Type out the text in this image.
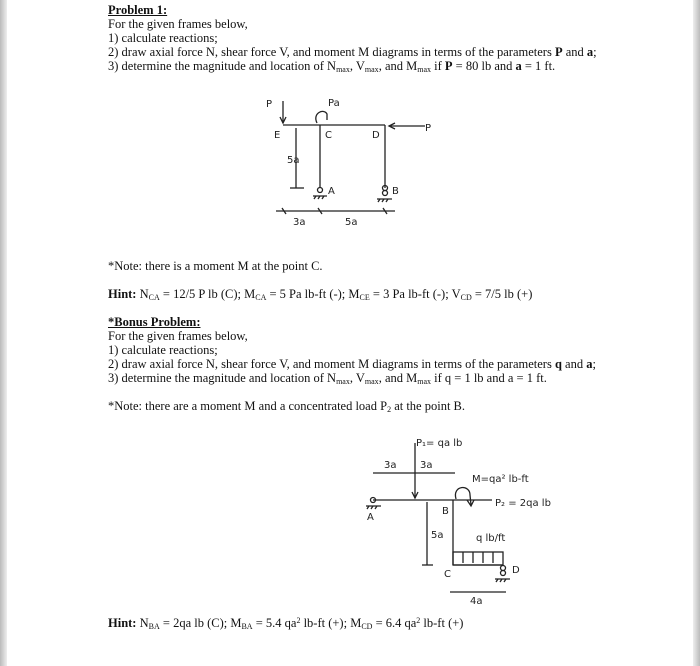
Problem 1:
For the given frames below,
1) calculate reactions;
2) draw axial force N, shear force V, and moment M diagrams in terms of the parameters P and a;
3) determine the magnitude and location of $N_{max}$, $V_{max}$, and $M_{max}$ if P = 80 lb and a = 1 ft.
P	Pa
E	C	D
P
5a
A	B
3a	5a
P₁= qa lb
3a 3a
M=qa² lb-ft
P₂ = 2qa lb
B
A
5a	q lb/ft
C	D
4a
*Note: there is a moment M at the point C.
Hint: $N_{CA} = 12/5$ P lb (C); $M_{CA} = 5$ Pa lb-ft (-); $M_{CE} = 3$ Pa lb-ft (-); $V_{CD} = 7/5$ lb (+)
*Bonus Problem:
For the given frames below,
1) calculate reactions;
2) draw axial force N, shear force V, and moment M diagrams in terms of the parameters q and a;
3) determine the magnitude and location of $N_{max}$, $V_{max}$, and $M_{max}$ if q = 1 lb and a = 1 ft.
*Note: there are a moment M and a concentrated load $P_2$ at the point B.
Hint: $N_{BA} = 2qa$ lb (C); $M_{BA} = 5.4$ $qa^2$ lb-ft (+); $M_{CD} = 6.4$ $qa^2$ lb-ft (+)
